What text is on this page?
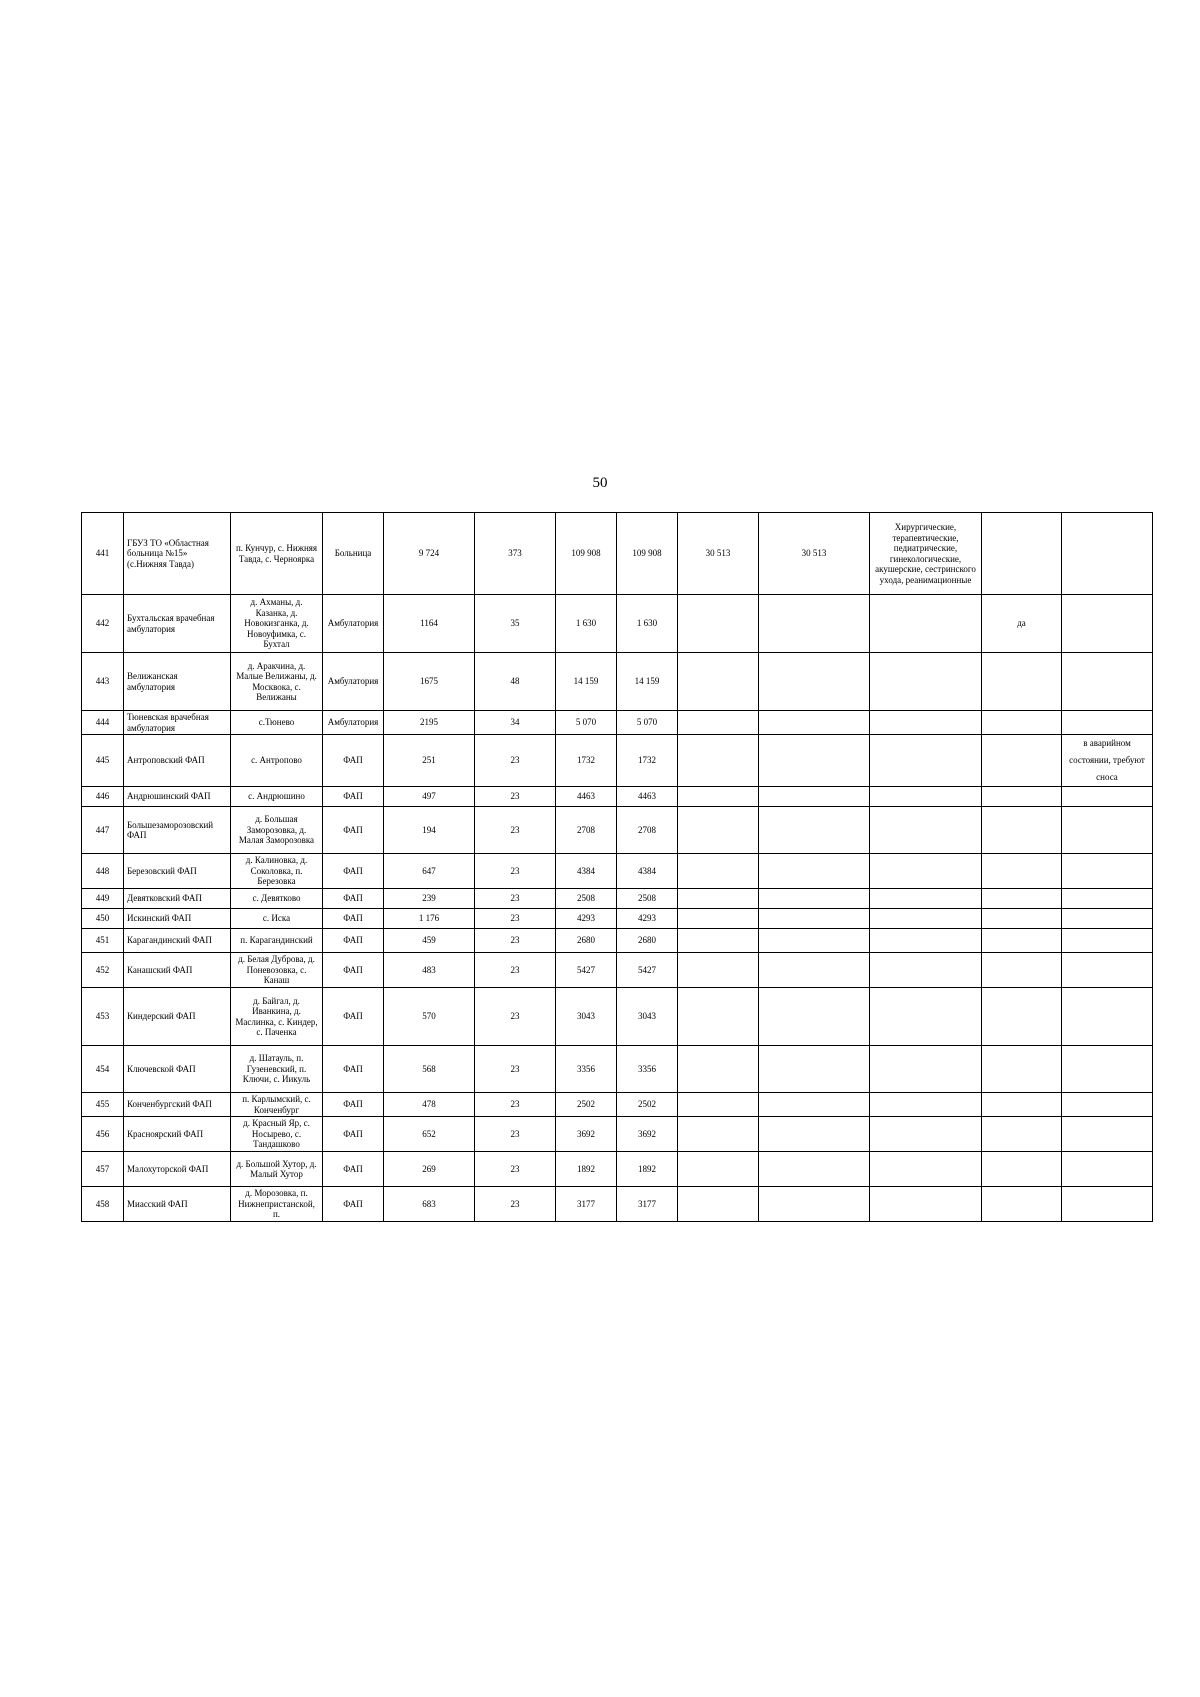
50
441	ГБУЗ ТО «Областная больница №15» (с.Нижняя Тавда)	п. Кунчур, с. Нижняя Тавда, с. Черноярка	Больница	9 724	373	109 908	109 908	30 513	30 513	Хирургические, терапевтические, педиатрические, гинекологические, акушерские, сестринского ухода, реанимационные		
442	Бухтальская врачебная амбулатория	д. Ахманы, д. Казанка, д. Новокизганка, д. Новоуфимка, с. Бухтал	Амбулатория	1164	35	1 630	1 630				да	
443	Велижанская амбулатория	д. Аракчина, д. Малые Велижаны, д. Москвока, с. Велижаны	Амбулатория	1675	48	14 159	14 159					
444	Тюневская врачебная амбулатория	с.Тюнево	Амбулатория	2195	34	5 070	5 070					
445	Антроповский ФАП	с. Антропово	ФАП	251	23	1732	1732					в аварийном состоянии, требуют сноса
446	Андрюшинский ФАП	с. Андрюшино	ФАП	497	23	4463	4463					
447	Большезаморозовский ФАП	д. Большая Заморозовка, д. Малая Заморозовка	ФАП	194	23	2708	2708					
448	Березовский ФАП	д. Калиновка, д. Соколовка, п. Березовка	ФАП	647	23	4384	4384					
449	Девятковский ФАП	с. Девятково	ФАП	239	23	2508	2508					
450	Искинский ФАП	с. Иска	ФАП	1 176	23	4293	4293					
451	Карагандинский ФАП	п. Карагандинский	ФАП	459	23	2680	2680					
452	Канашский ФАП	д. Белая Дуброва, д. Поневозовка, с. Канаш	ФАП	483	23	5427	5427					
453	Киндерский ФАП	д. Байгал, д. Иванкина, д. Маслинка, с. Киндер, с. Паченка	ФАП	570	23	3043	3043					
454	Ключевской ФАП	д. Шатауль, п. Гузеневский, п. Ключи, с. Иикуль	ФАП	568	23	3356	3356					
455	Конченбургский ФАП	п. Карлымский, с. Конченбург	ФАП	478	23	2502	2502					
456	Красноярский ФАП	д. Красный Яр, с. Носырево, с. Тандашково	ФАП	652	23	3692	3692					
457	Малохуторской ФАП	д. Большой Хутор, д. Малый Хутор	ФАП	269	23	1892	1892					
458	Миасский ФАП	д. Морозовка, п. Нижнепристанской, п.	ФАП	683	23	3177	3177					
